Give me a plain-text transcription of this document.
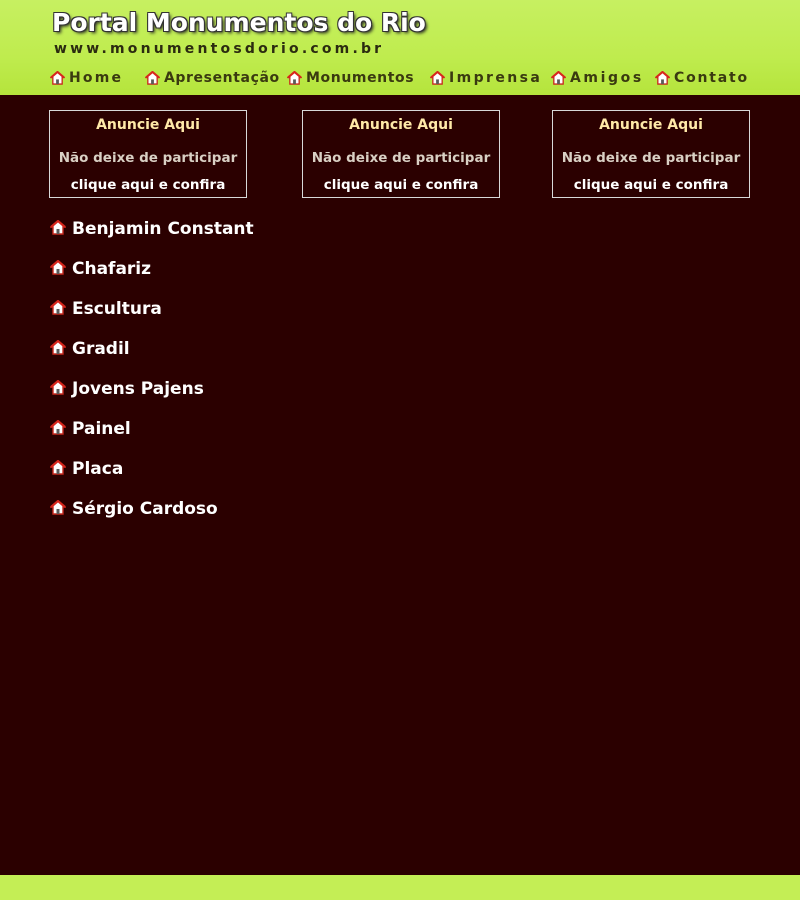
Portal Monumentos do Rio
www.monumentosdorio.com.br
Home	Apresentação Monumentos Imprensa Amigos Contato
Anuncie Aqui
Não deixe de participar
clique aqui e confira
Anuncie Aqui
Não deixe de participar
clique aqui e confira
Anuncie Aqui
Não deixe de participar
clique aqui e confira
Benjamin Constant
Chafariz
Escultura
Gradil
Jovens Pajens
Painel
Placa
Sérgio Cardoso
